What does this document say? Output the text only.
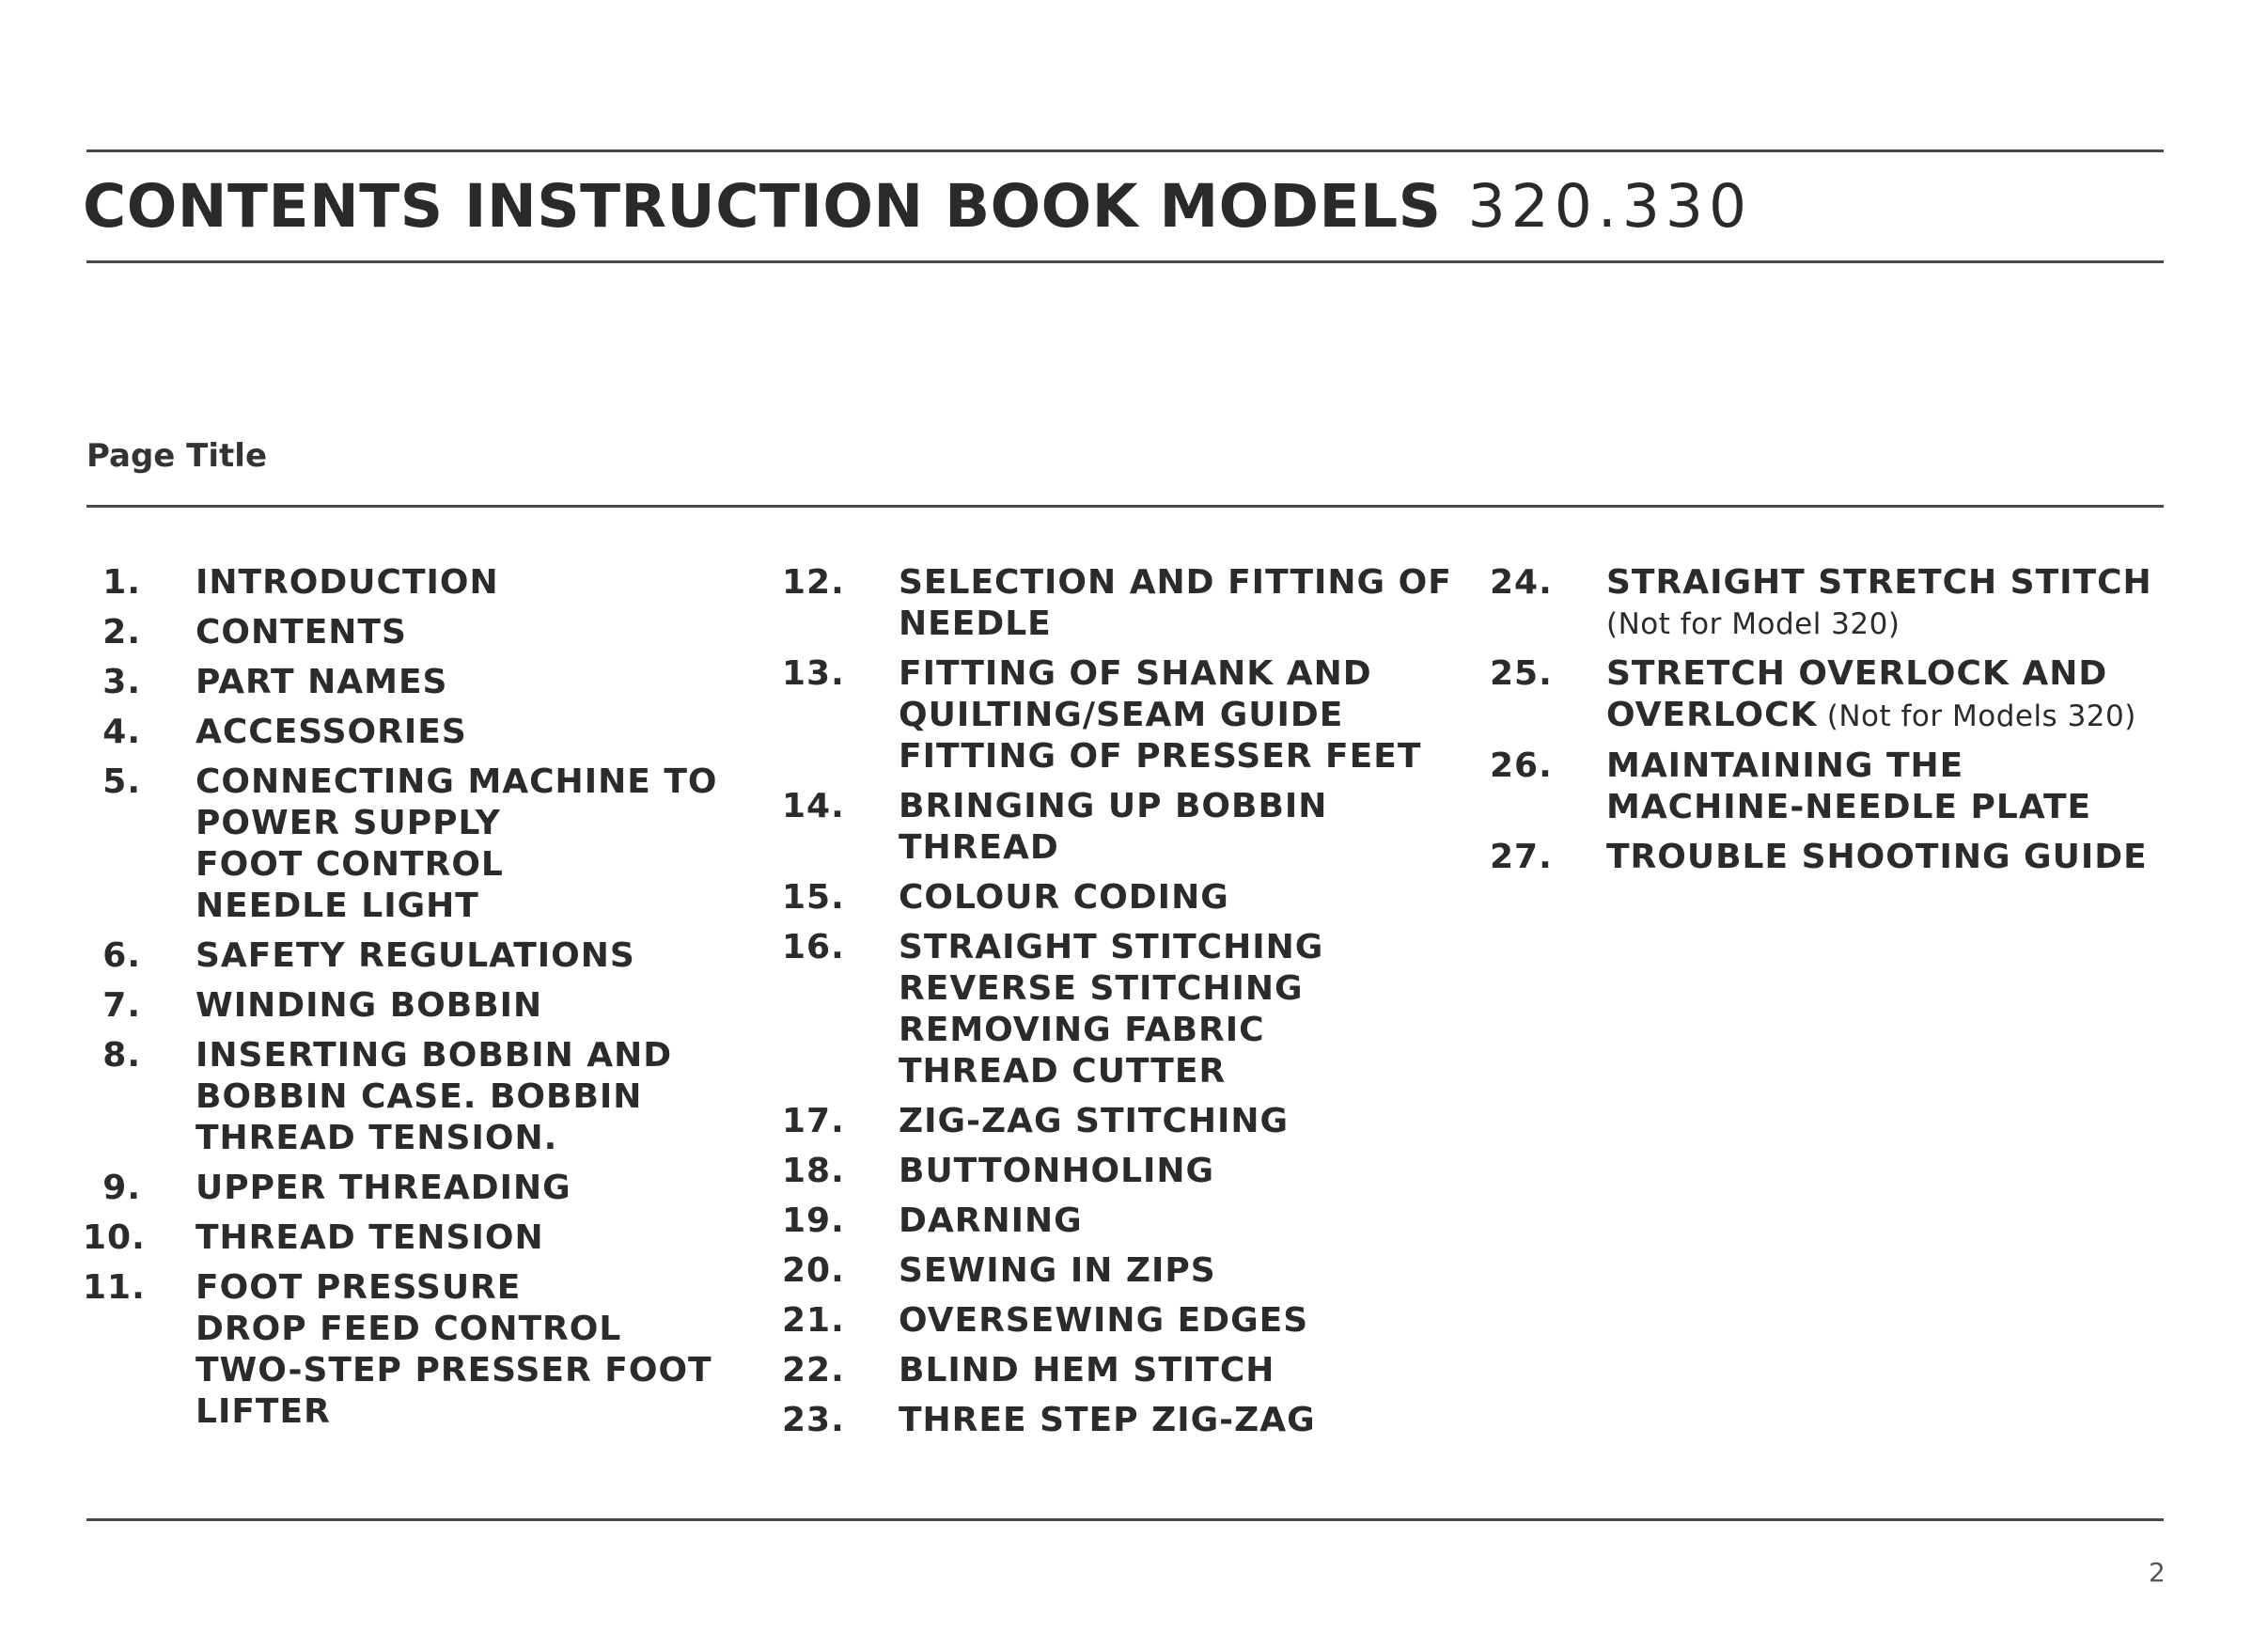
CONTENTS INSTRUCTION BOOK MODELS 320.330
Page Title
1.	INTRODUCTION
2.	CONTENTS
3.	PART NAMES
4.	ACCESSORIES
5.	CONNECTING MACHINE TO
POWER SUPPLY
FOOT CONTROL
NEEDLE LIGHT
6.	SAFETY REGULATIONS
7.	WINDING BOBBIN
8.	INSERTING BOBBIN AND
BOBBIN CASE. BOBBIN
THREAD TENSION.
9.	UPPER THREADING
10.	THREAD TENSION
11.	FOOT PRESSURE
DROP FEED CONTROL
TWO-STEP PRESSER FOOT
LIFTER
12.	SELECTION AND FITTING OF
NEEDLE
13.	FITTING OF SHANK AND
QUILTING/SEAM GUIDE
FITTING OF PRESSER FEET
14.	BRINGING UP BOBBIN
THREAD
15.	COLOUR CODING
16.	STRAIGHT STITCHING
REVERSE STITCHING
REMOVING FABRIC
THREAD CUTTER
17.	ZIG-ZAG STITCHING
18.	BUTTONHOLING
19.	DARNING
20.	SEWING IN ZIPS
21.	OVERSEWING EDGES
22.	BLIND HEM STITCH
23.	THREE STEP ZIG-ZAG
24.	STRAIGHT STRETCH STITCH
(Not for Model 320)
25.	STRETCH OVERLOCK AND
OVERLOCK (Not for Models 320)
26.	MAINTAINING THE
MACHINE-NEEDLE PLATE
27.	TROUBLE SHOOTING GUIDE
2
